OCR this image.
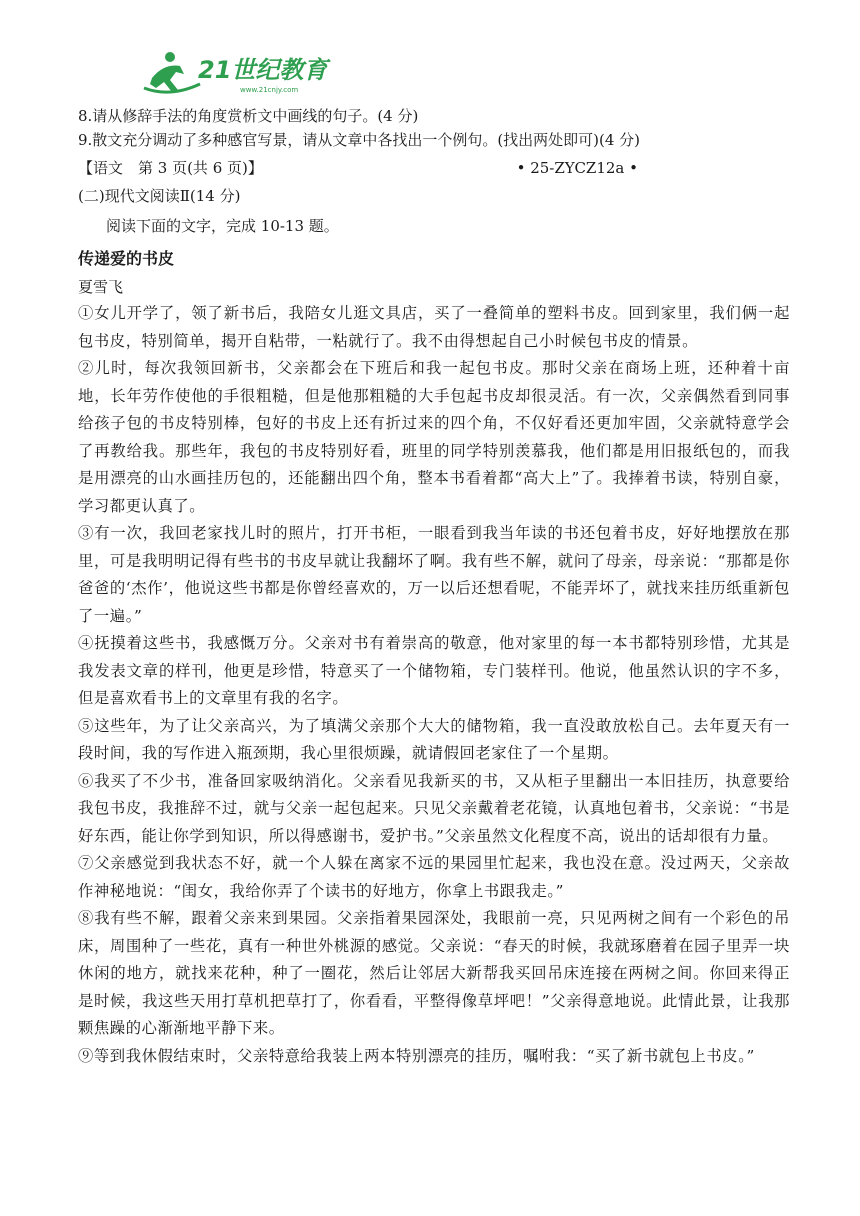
21世纪教育
www.21cnjy.com

8.请从修辞手法的角度赏析文中画线的句子。(4 分)

9.散文充分调动了多种感官写景，请从文章中各找出一个例句。(找出两处即可)(4 分)

【语文　第 3 页(共 6 页)】	• 25-ZYCZ12a •
(二)现代文阅读Ⅱ(14 分)
阅读下面的文字，完成 10-13 题。
传递爱的书皮
夏雪飞

①女儿开学了，领了新书后，我陪女儿逛文具店，买了一叠简单的塑料书皮。回到家里，我们俩一起包书皮，特别简单，揭开自粘带，一粘就行了。我不由得想起自己小时候包书皮的情景。

②儿时，每次我领回新书，父亲都会在下班后和我一起包书皮。那时父亲在商场上班，还种着十亩地，长年劳作使他的手很粗糙，但是他那粗糙的大手包起书皮却很灵活。有一次，父亲偶然看到同事给孩子包的书皮特别棒，包好的书皮上还有折过来的四个角，不仅好看还更加牢固，父亲就特意学会了再教给我。那些年，我包的书皮特别好看，班里的同学特别羡慕我，他们都是用旧报纸包的，而我是用漂亮的山水画挂历包的，还能翻出四个角，整本书看着都“高大上”了。我捧着书读，特别自豪，学习都更认真了。

③有一次，我回老家找儿时的照片，打开书柜，一眼看到我当年读的书还包着书皮，好好地摆放在那里，可是我明明记得有些书的书皮早就让我翻坏了啊。我有些不解，就问了母亲，母亲说：“那都是你爸爸的‘杰作’，他说这些书都是你曾经喜欢的，万一以后还想看呢，不能弄坏了，就找来挂历纸重新包了一遍。”

④抚摸着这些书，我感慨万分。父亲对书有着崇高的敬意，他对家里的每一本书都特别珍惜，尤其是我发表文章的样刊，他更是珍惜，特意买了一个储物箱，专门装样刊。他说，他虽然认识的字不多，但是喜欢看书上的文章里有我的名字。

⑤这些年，为了让父亲高兴，为了填满父亲那个大大的储物箱，我一直没敢放松自己。去年夏天有一段时间，我的写作进入瓶颈期，我心里很烦躁，就请假回老家住了一个星期。

⑥我买了不少书，准备回家吸纳消化。父亲看见我新买的书，又从柜子里翻出一本旧挂历，执意要给我包书皮，我推辞不过，就与父亲一起包起来。只见父亲戴着老花镜，认真地包着书，父亲说：“书是好东西，能让你学到知识，所以得感谢书，爱护书。”父亲虽然文化程度不高，说出的话却很有力量。

⑦父亲感觉到我状态不好，就一个人躲在离家不远的果园里忙起来，我也没在意。没过两天，父亲故作神秘地说：“闺女，我给你弄了个读书的好地方，你拿上书跟我走。”

⑧我有些不解，跟着父亲来到果园。父亲指着果园深处，我眼前一亮，只见两树之间有一个彩色的吊床，周围种了一些花，真有一种世外桃源的感觉。父亲说：“春天的时候，我就琢磨着在园子里弄一块休闲的地方，就找来花种，种了一圈花，然后让邻居大新帮我买回吊床连接在两树之间。你回来得正是时候，我这些天用打草机把草打了，你看看，平整得像草坪吧！”父亲得意地说。此情此景，让我那颗焦躁的心渐渐地平静下来。

⑨等到我休假结束时，父亲特意给我装上两本特别漂亮的挂历，嘱咐我：“买了新书就包上书皮。”
